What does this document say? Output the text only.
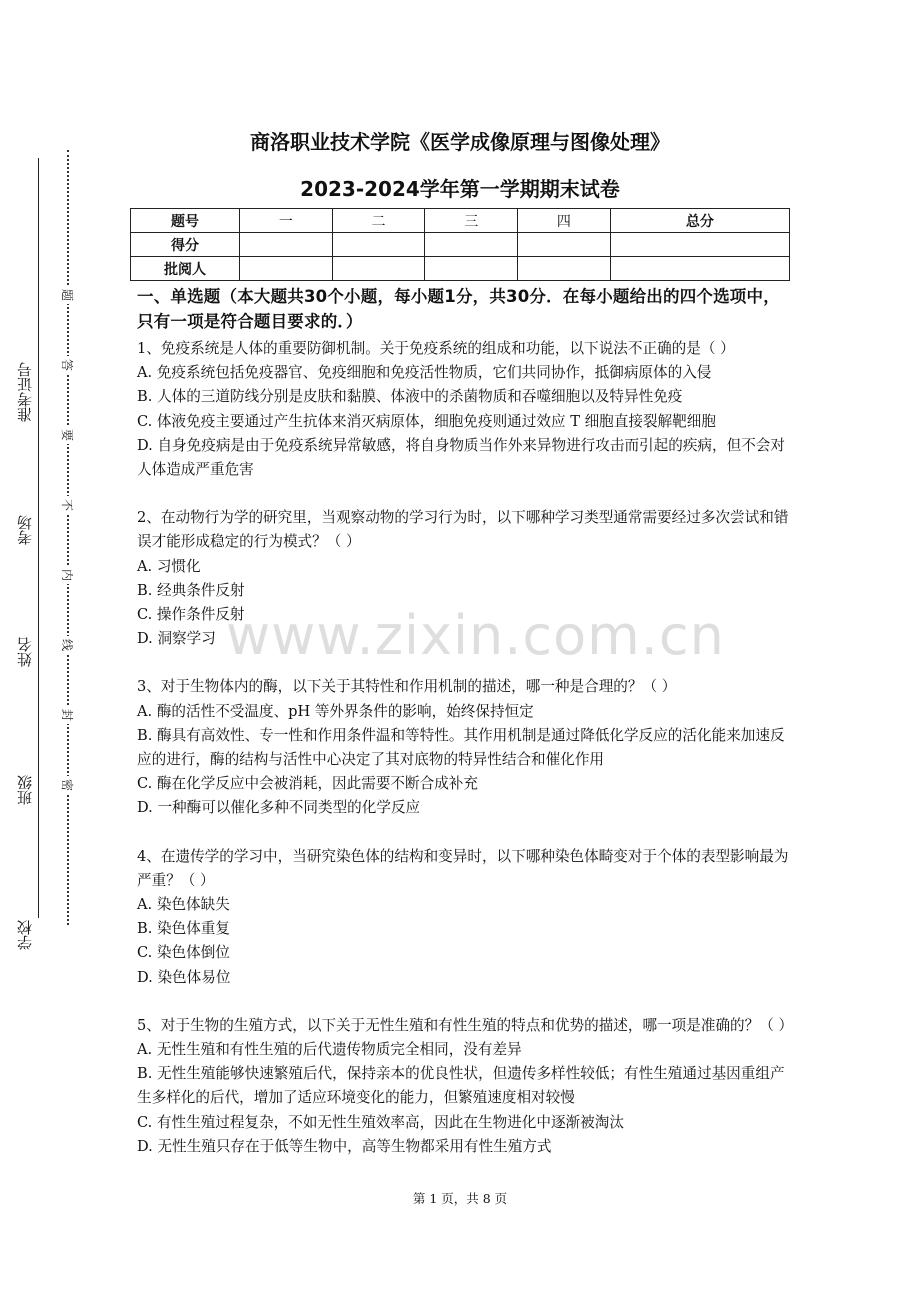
准考证号
考场
姓名
班级
学校
题
答
要
不
内
线
封
密
商洛职业技术学院《医学成像原理与图像处理》
2023-2024学年第一学期期末试卷
题号	一	二	三	四	总分
得分					
批阅人					
一、单选题（本大题共30个小题，每小题1分，共30分．在每小题给出的四个选项中，只有一项是符合题目要求的．）

1、免疫系统是人体的重要防御机制。关于免疫系统的组成和功能，以下说法不正确的是（ ）

A. 免疫系统包括免疫器官、免疫细胞和免疫活性物质，它们共同协作，抵御病原体的入侵

B. 人体的三道防线分别是皮肤和黏膜、体液中的杀菌物质和吞噬细胞以及特异性免疫

C. 体液免疫主要通过产生抗体来消灭病原体，细胞免疫则通过效应 T 细胞直接裂解靶细胞

D. 自身免疫病是由于免疫系统异常敏感，将自身物质当作外来异物进行攻击而引起的疾病，但不会对人体造成严重危害

2、在动物行为学的研究里，当观察动物的学习行为时，以下哪种学习类型通常需要经过多次尝试和错误才能形成稳定的行为模式？（ ）

A. 习惯化

B. 经典条件反射

C. 操作条件反射

D. 洞察学习

3、对于生物体内的酶，以下关于其特性和作用机制的描述，哪一种是合理的？（ ）

A. 酶的活性不受温度、pH 等外界条件的影响，始终保持恒定

B. 酶具有高效性、专一性和作用条件温和等特性。其作用机制是通过降低化学反应的活化能来加速反应的进行，酶的结构与活性中心决定了其对底物的特异性结合和催化作用

C. 酶在化学反应中会被消耗，因此需要不断合成补充

D. 一种酶可以催化多种不同类型的化学反应

4、在遗传学的学习中，当研究染色体的结构和变异时，以下哪种染色体畸变对于个体的表型影响最为严重？（ ）

A. 染色体缺失

B. 染色体重复

C. 染色体倒位

D. 染色体易位

5、对于生物的生殖方式，以下关于无性生殖和有性生殖的特点和优势的描述，哪一项是准确的？（ ）

A. 无性生殖和有性生殖的后代遗传物质完全相同，没有差异

B. 无性生殖能够快速繁殖后代，保持亲本的优良性状，但遗传多样性较低；有性生殖通过基因重组产生多样化的后代，增加了适应环境变化的能力，但繁殖速度相对较慢

C. 有性生殖过程复杂，不如无性生殖效率高，因此在生物进化中逐渐被淘汰

D. 无性生殖只存在于低等生物中，高等生物都采用有性生殖方式

www.zixin.com.cn
第 1 页，共 8 页
